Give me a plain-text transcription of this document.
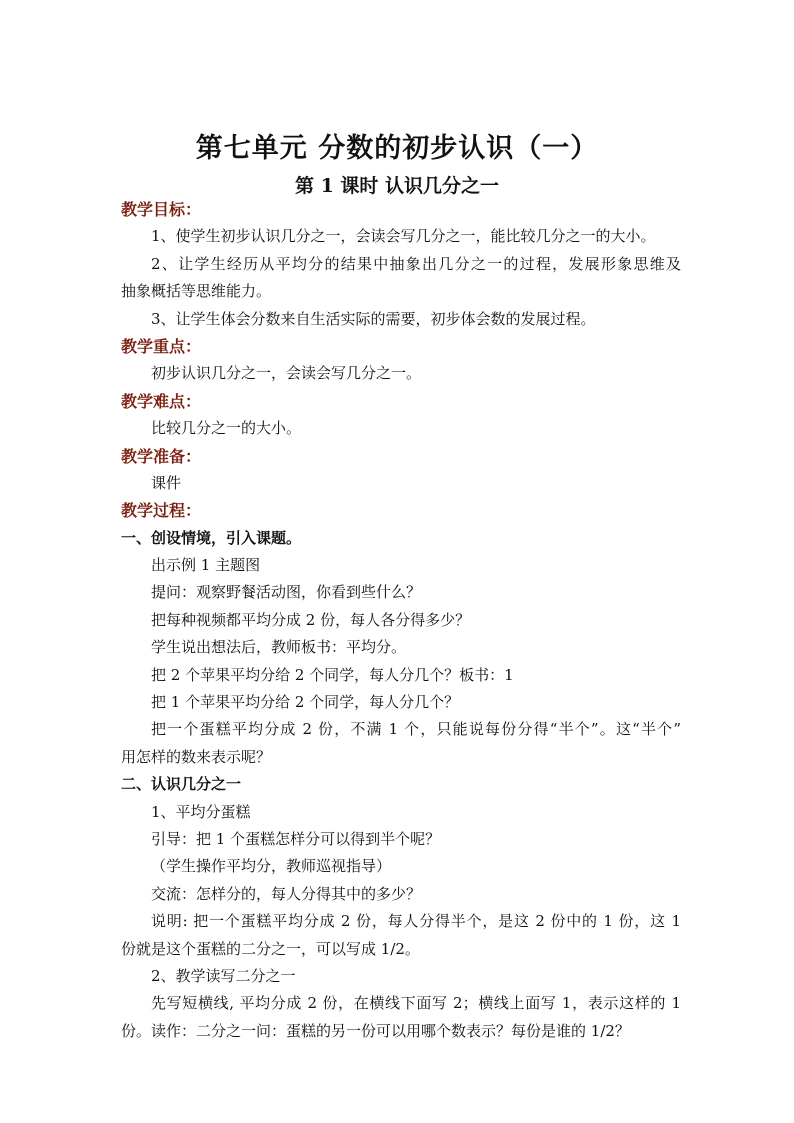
第七单元 分数的初步认识（一）
第 1 课时 认识几分之一
教学目标：
1、使学生初步认识几分之一，会读会写几分之一，能比较几分之一的大小。
2、让学生经历从平均分的结果中抽象出几分之一的过程，发展形象思维及
抽象概括等思维能力。
3、让学生体会分数来自生活实际的需要，初步体会数的发展过程。
教学重点：
初步认识几分之一，会读会写几分之一。
教学难点：
比较几分之一的大小。
教学准备：
课件
教学过程：
一、创设情境，引入课题。
出示例 1 主题图
提问：观察野餐活动图，你看到些什么？
把每种视频都平均分成 2 份，每人各分得多少？
学生说出想法后，教师板书：平均分。
把 2 个苹果平均分给 2 个同学，每人分几个？板书：1
把 1 个苹果平均分给 2 个同学，每人分几个？
把一个蛋糕平均分成 2 份，不满 1 个，只能说每份分得“半个”。这“半个”
用怎样的数来表示呢？
二、认识几分之一
1、平均分蛋糕
引导：把 1 个蛋糕怎样分可以得到半个呢？
（学生操作平均分，教师巡视指导）
交流：怎样分的，每人分得其中的多少？
说明: 把一个蛋糕平均分成 2 份，每人分得半个，是这 2 份中的 1 份，这 1
份就是这个蛋糕的二分之一，可以写成 1/2。
2、教学读写二分之一
先写短横线, 平均分成 2 份，在横线下面写 2；横线上面写 1，表示这样的 1
份。读作：二分之一问：蛋糕的另一份可以用哪个数表示？每份是谁的 1/2？
